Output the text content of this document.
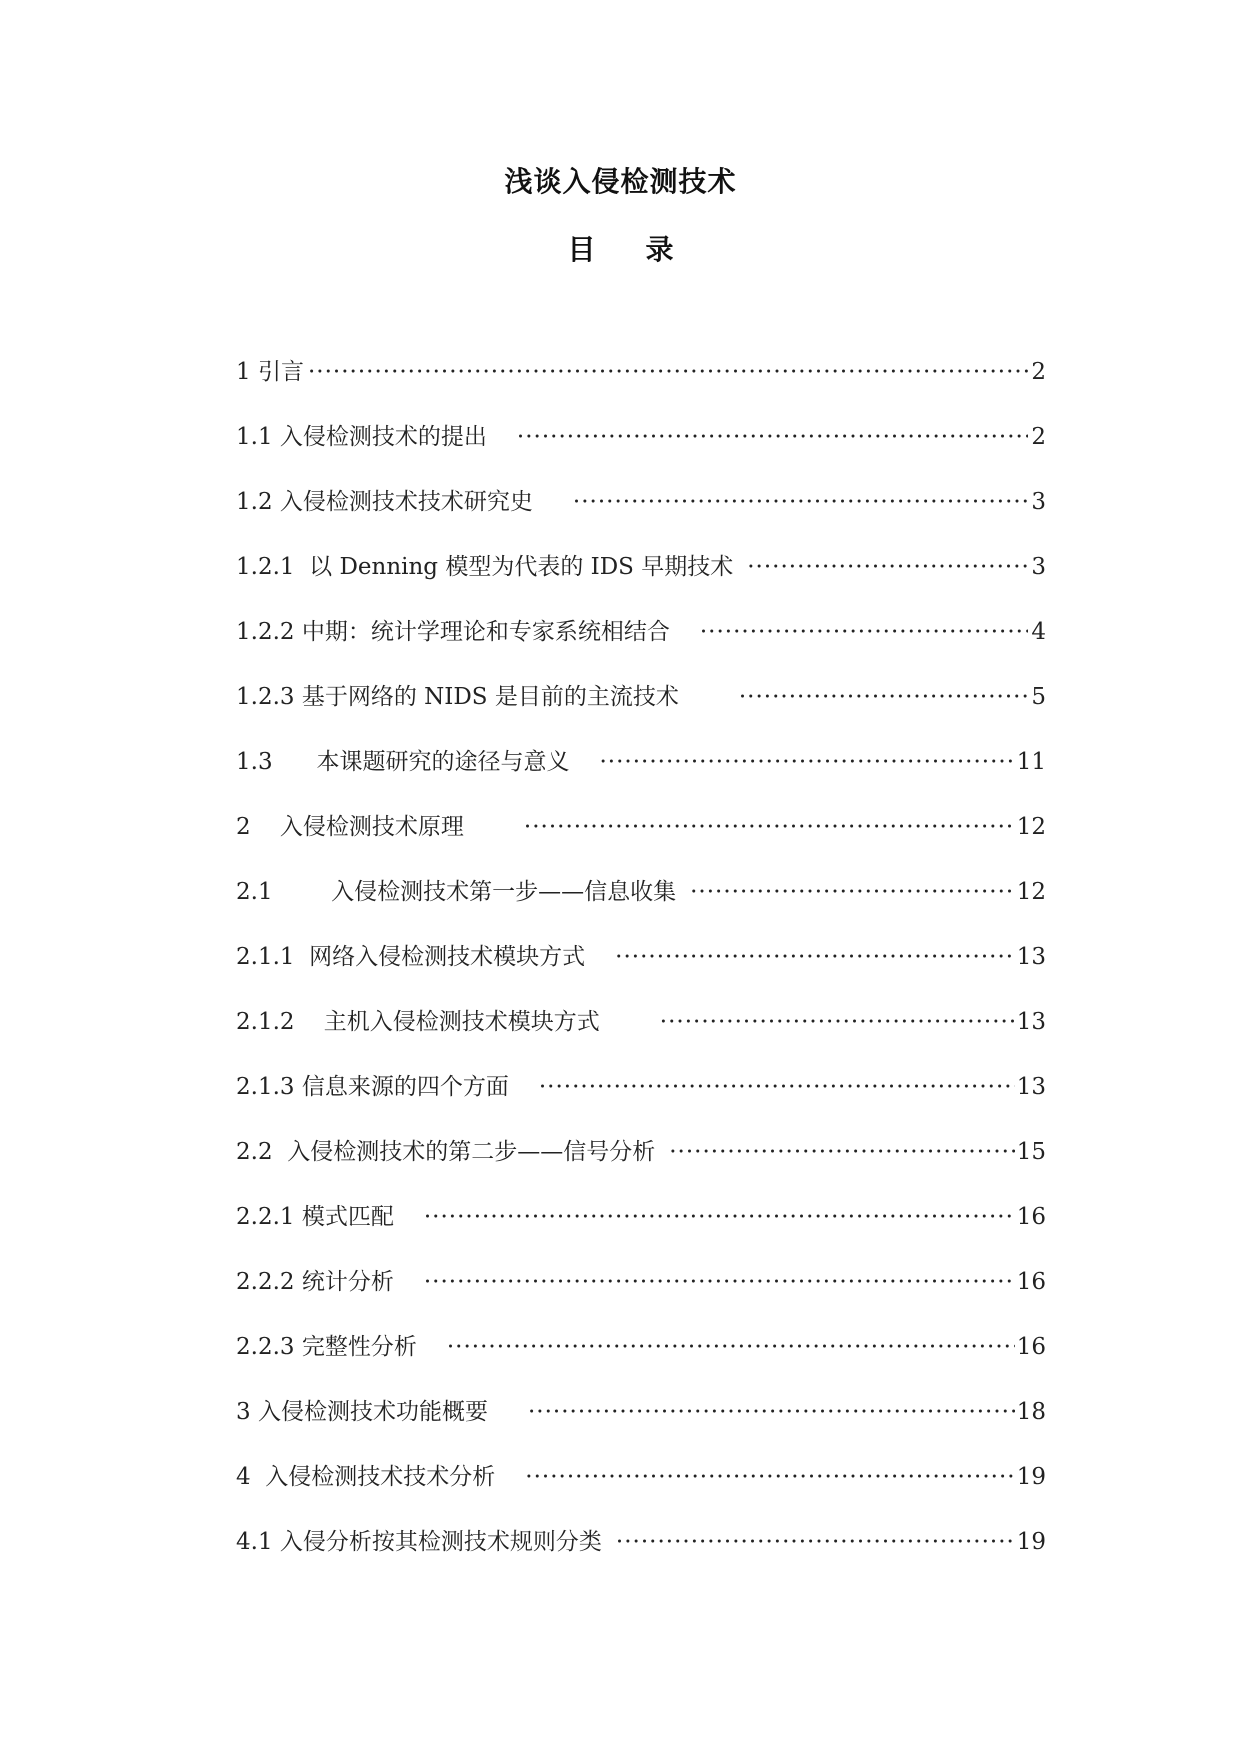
浅谈入侵检测技术
目录
1 引言 ·····	2
1.1 入侵检测技术的提出 ·····	2
1.2 入侵检测技术技术研究史 ·····	3
1.2.1  以 Denning 模型为代表的 IDS 早期技术 ·····	3
1.2.2 中期：统计学理论和专家系统相结合 ·····	4
1.2.3 基于网络的 NIDS 是目前的主流技术 ·····	5
1.3      本课题研究的途径与意义 ·····	11
2    入侵检测技术原理 ·····	12
2.1        入侵检测技术第一步——信息收集 ·····	12
2.1.1  网络入侵检测技术模块方式 ·····	13
2.1.2    主机入侵检测技术模块方式 ·····	13
2.1.3 信息来源的四个方面 ·····	13
2.2  入侵检测技术的第二步——信号分析 ·····	15
2.2.1 模式匹配 ·····	16
2.2.2 统计分析 ·····	16
2.2.3 完整性分析 ·····	16
3 入侵检测技术功能概要 ·····	18
4  入侵检测技术技术分析 ·····	19
4.1 入侵分析按其检测技术规则分类 ·····	19
